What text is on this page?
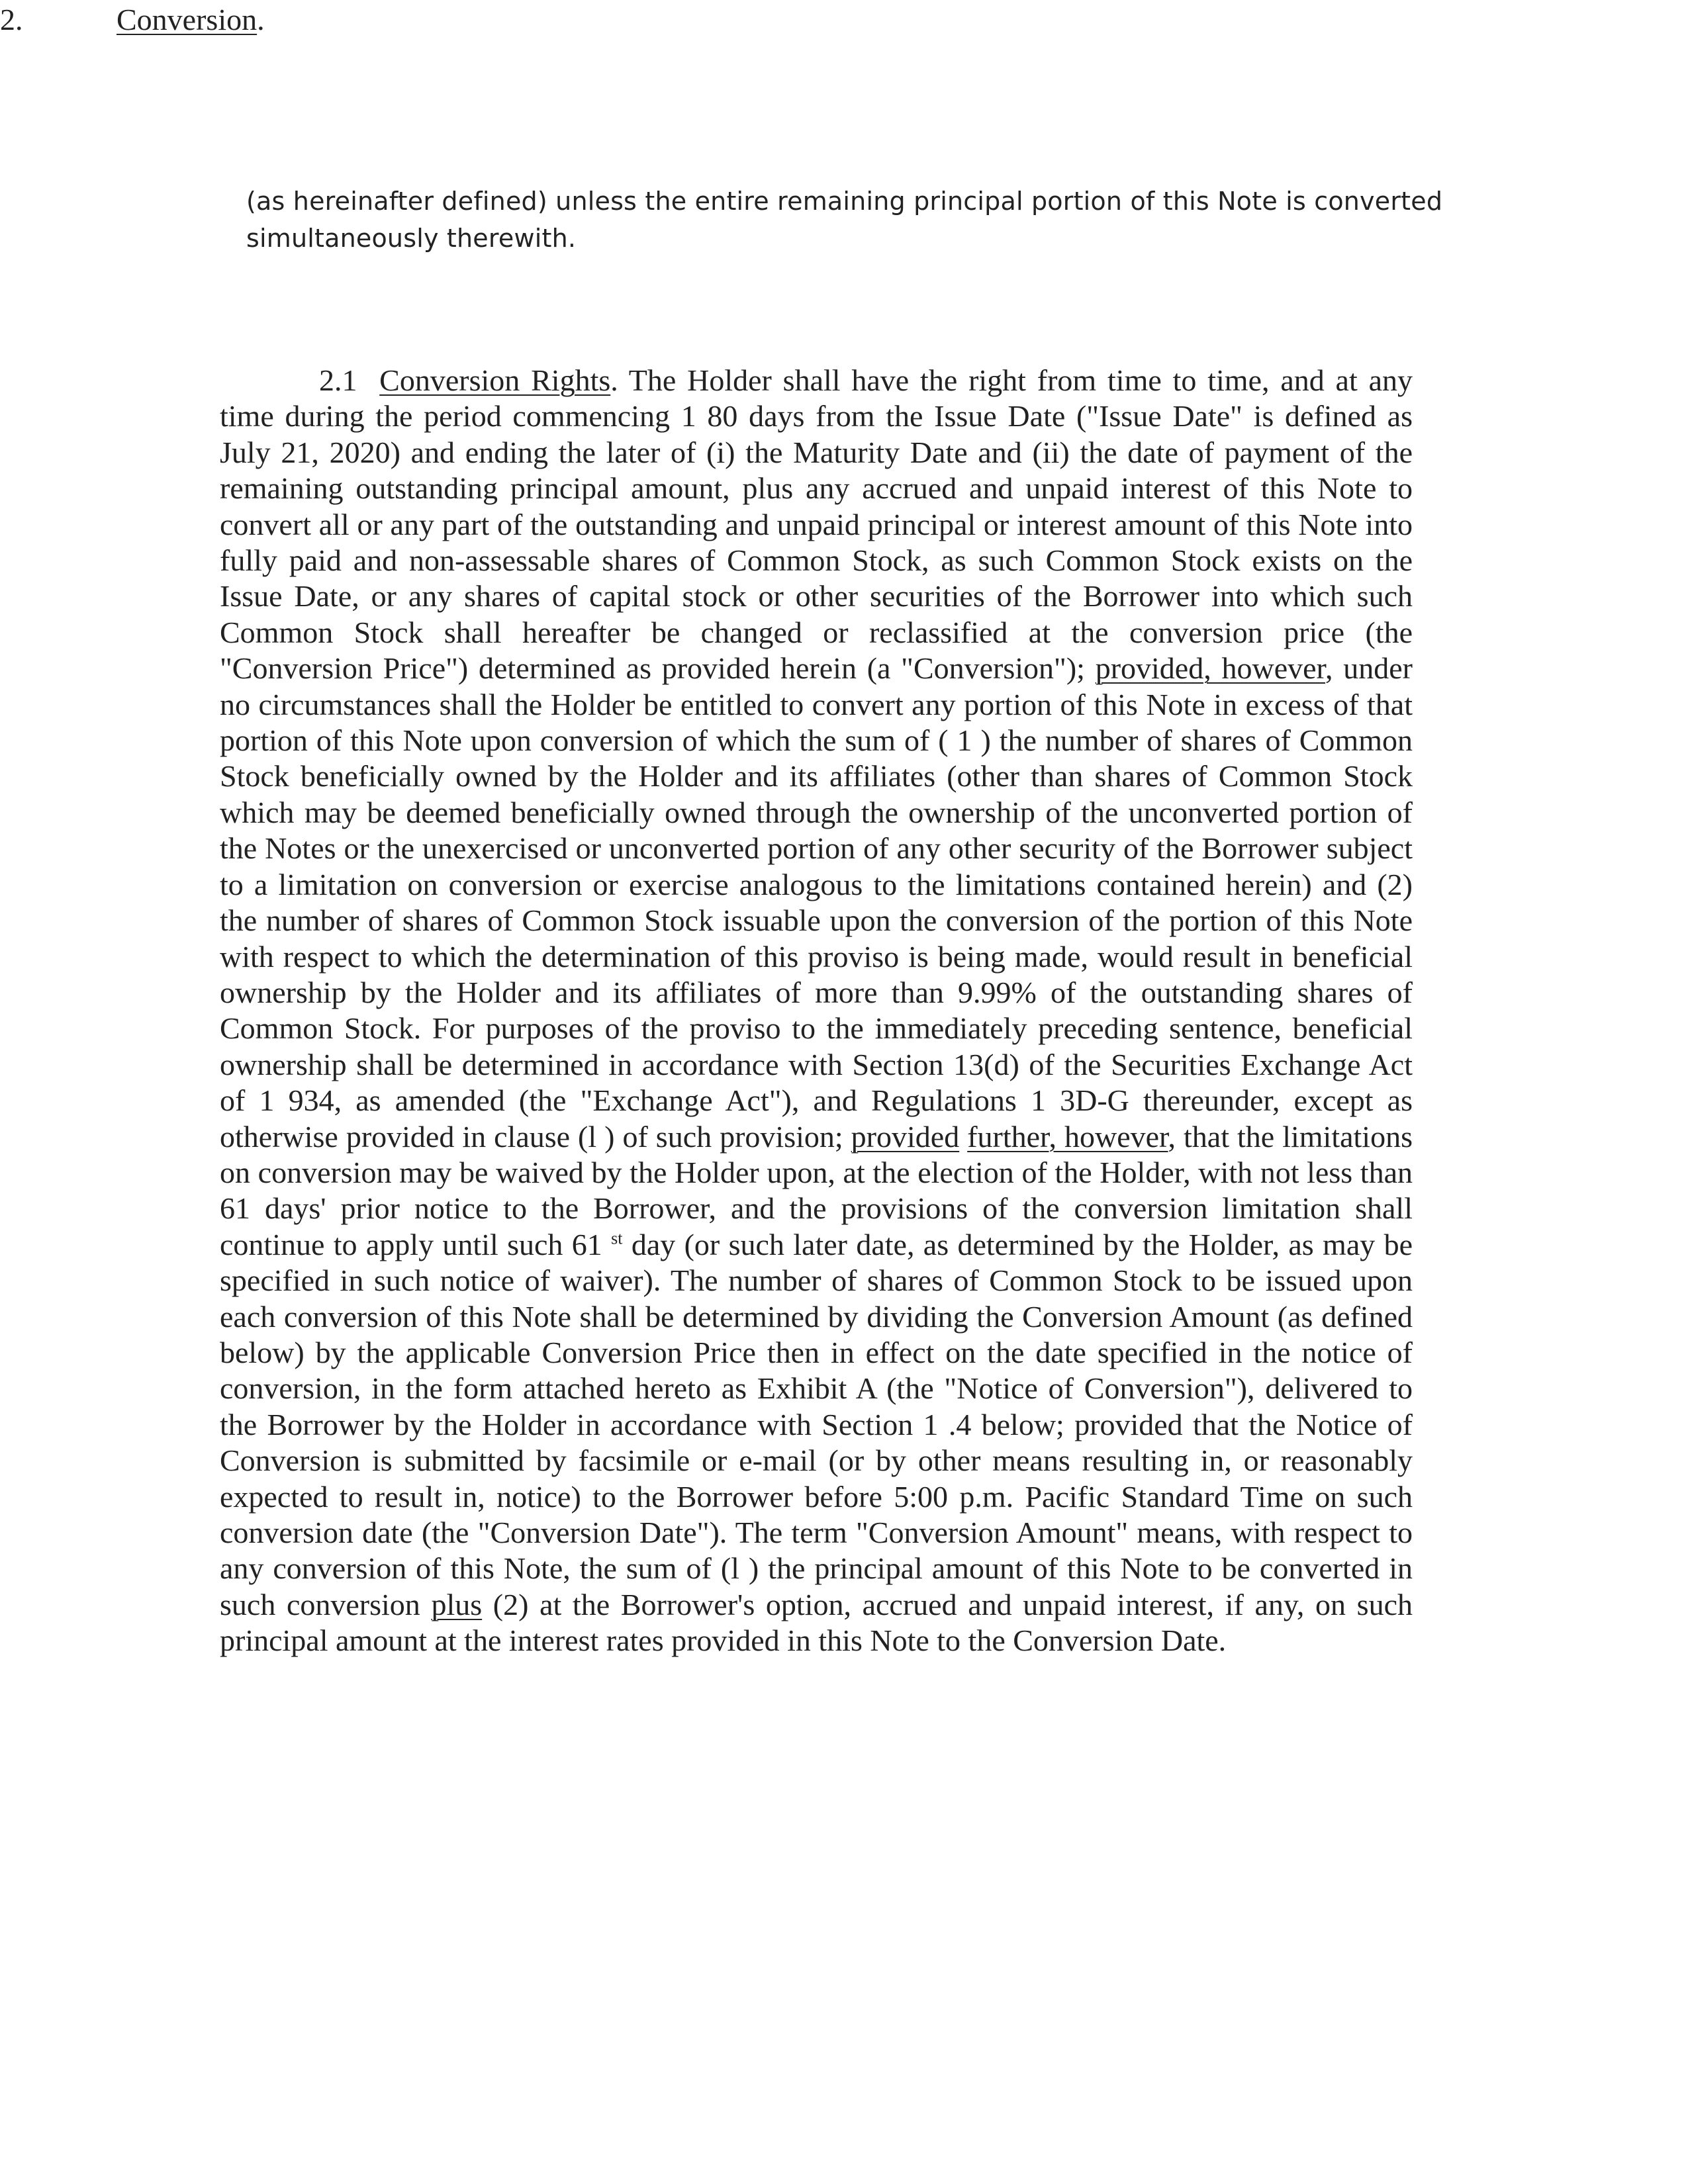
(as hereinafter defined) unless the entire remaining principal portion of this Note is converted simultaneously therewith.

2.	Conversion.

2.1 Conversion Rights. The Holder shall have the right from time to time, and at any time during the period commencing 1 80 days from the Issue Date ("Issue Date" is defined as July 21, 2020) and ending the later of (i) the Maturity Date and (ii) the date of payment of the remaining outstanding principal amount, plus any accrued and unpaid interest of this Note to convert all or any part of the outstanding and unpaid principal or interest amount of this Note into fully paid and non-assessable shares of Common Stock, as such Common Stock exists on the Issue Date, or any shares of capital stock or other securities of the Borrower into which such Common Stock shall hereafter be changed or reclassified at the conversion price (the "Conversion Price") determined as provided herein (a "Conversion"); provided, however, under no circumstances shall the Holder be entitled to convert any portion of this Note in excess of that portion of this Note upon conversion of which the sum of ( 1 ) the number of shares of Common Stock beneficially owned by the Holder and its affiliates (other than shares of Common Stock which may be deemed beneficially owned through the ownership of the unconverted portion of the Notes or the unexercised or unconverted portion of any other security of the Borrower subject to a limitation on conversion or exercise analogous to the limitations contained herein) and (2) the number of shares of Common Stock issuable upon the conversion of the portion of this Note with respect to which the determination of this proviso is being made, would result in beneficial ownership by the Holder and its affiliates of more than 9.99% of the outstanding shares of Common Stock. For purposes of the proviso to the immediately preceding sentence, beneficial ownership shall be determined in accordance with Section 13(d) of the Securities Exchange Act of 1 934, as amended (the "Exchange Act"), and Regulations 1 3D-G thereunder, except as otherwise provided in clause (l ) of such provision; provided further, however, that the limitations on conversion may be waived by the Holder upon, at the election of the Holder, with not less than 61 days' prior notice to the Borrower, and the provisions of the conversion limitation shall continue to apply until such 61 $^{st}$ day (or such later date, as determined by the Holder, as may be specified in such notice of waiver). The number of shares of Common Stock to be issued upon each conversion of this Note shall be determined by dividing the Conversion Amount (as defined below) by the applicable Conversion Price then in effect on the date specified in the notice of conversion, in the form attached hereto as Exhibit A (the "Notice of Conversion"), delivered to the Borrower by the Holder in accordance with Section 1 .4 below; provided that the Notice of Conversion is submitted by facsimile or e-mail (or by other means resulting in, or reasonably expected to result in, notice) to the Borrower before 5:00 p.m. Pacific Standard Time on such conversion date (the "Conversion Date"). The term "Conversion Amount" means, with respect to any conversion of this Note, the sum of (l ) the principal amount of this Note to be converted in such conversion plus (2) at the Borrower's option, accrued and unpaid interest, if any, on such principal amount at the interest rates provided in this Note to the Conversion Date.
